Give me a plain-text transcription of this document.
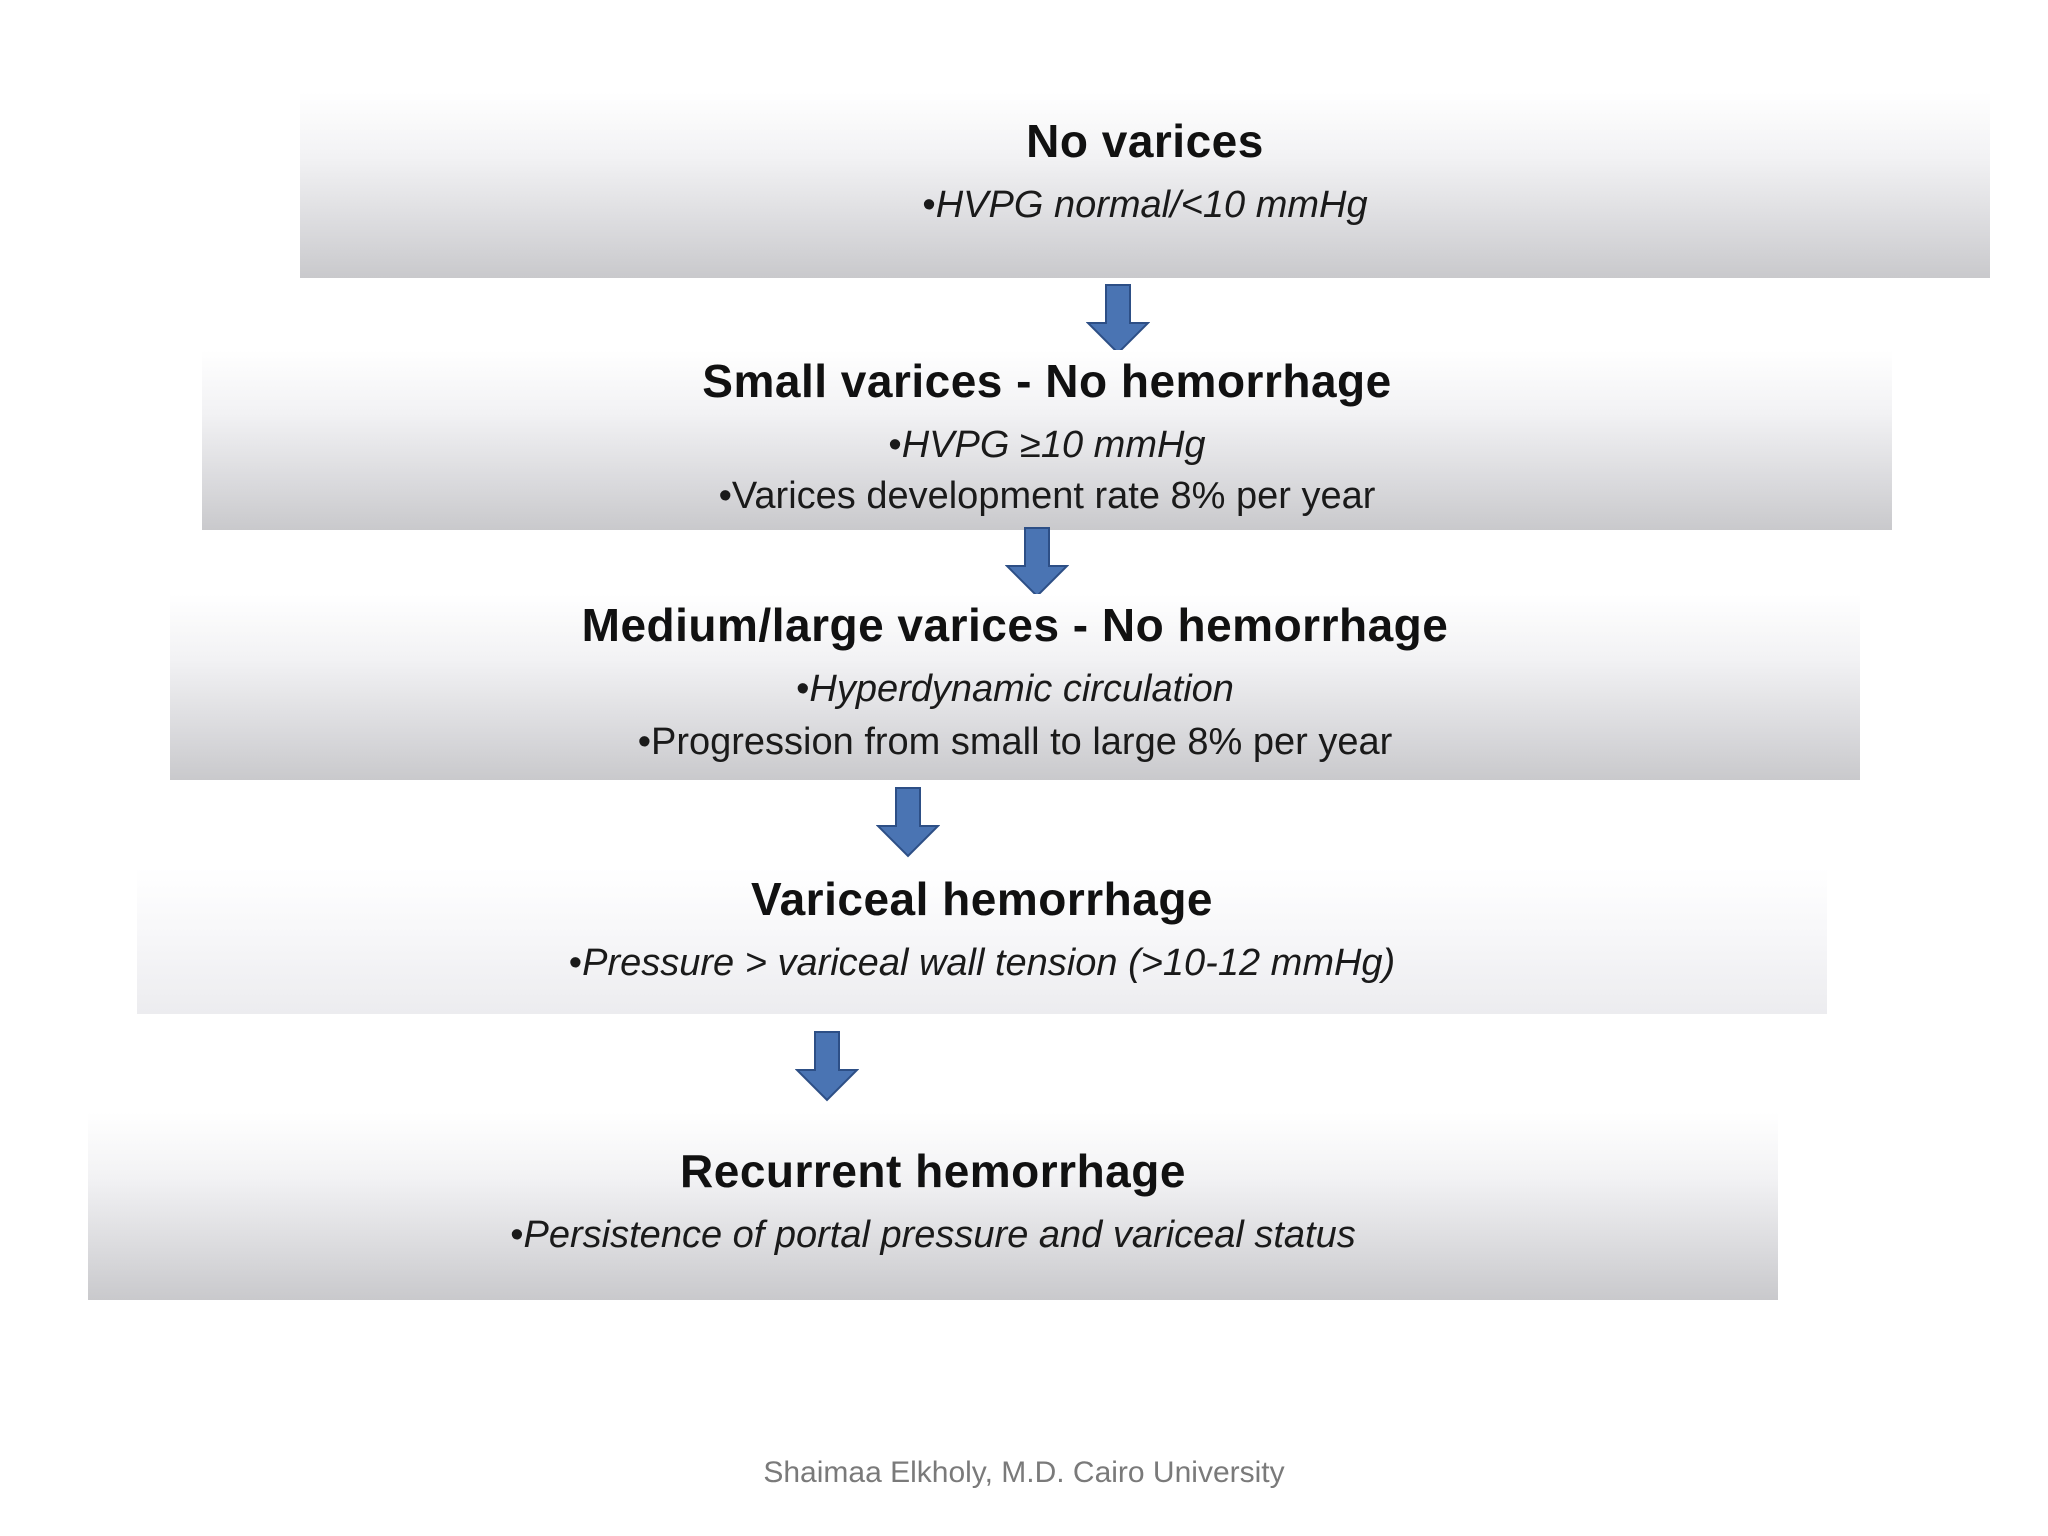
No varices
• HVPG normal/<10 mmHg
Small varices - No hemorrhage
• HVPG ≥10 mmHg
• Varices development rate 8% per year
Medium/large varices - No hemorrhage
• Hyperdynamic circulation
• Progression from small to large 8% per year
Variceal hemorrhage
• Pressure > variceal wall tension (>10-12 mmHg)
Recurrent hemorrhage
• Persistence of portal pressure and variceal status
Shaimaa Elkholy, M.D. Cairo University
